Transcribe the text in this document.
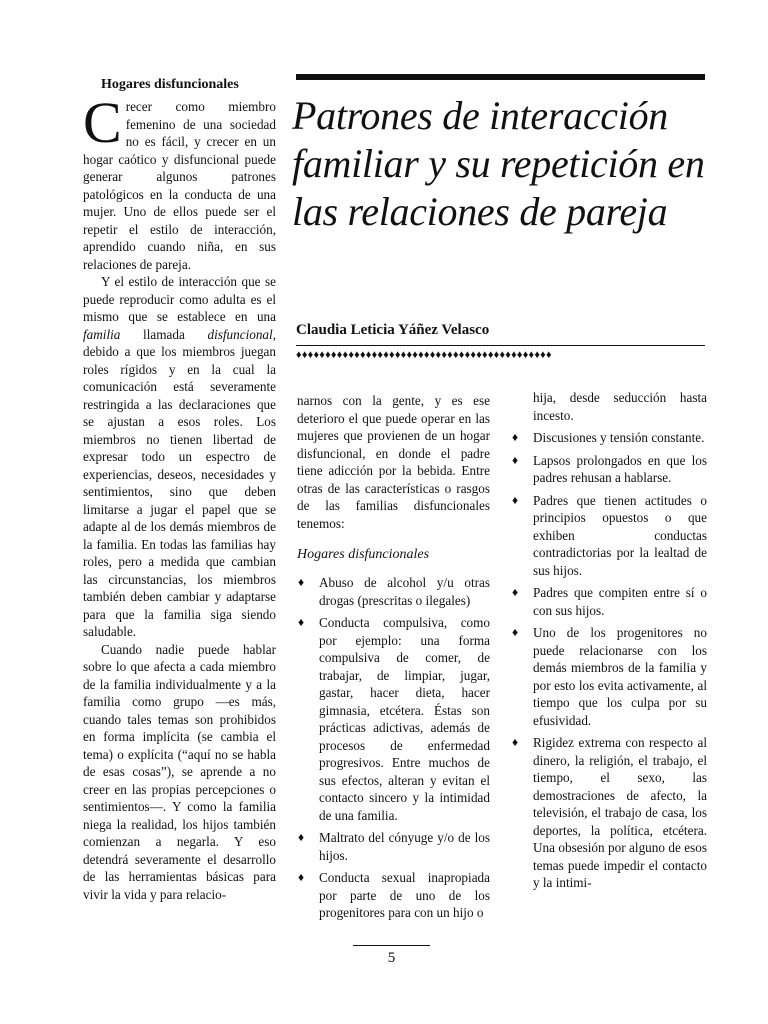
Hogares disfuncionales

Crecer como miembro femenino de una sociedad no es fácil, y crecer en un hogar caótico y disfuncional puede generar algunos patrones patológicos en la conducta de una mujer. Uno de ellos puede ser el repetir el estilo de interacción, aprendido cuando niña, en sus relaciones de pareja.

Y el estilo de interacción que se puede reproducir como adulta es el mismo que se establece en una familia llamada disfuncional, debido a que los miembros juegan roles rígidos y en la cual la comunicación está severamente restringida a las declaraciones que se ajustan a esos roles. Los miembros no tienen libertad de expresar todo un espectro de experiencias, deseos, necesidades y sentimientos, sino que deben limitarse a jugar el papel que se adapte al de los demás miembros de la familia. En todas las familias hay roles, pero a medida que cambian las circunstancias, los miembros también deben cambiar y adaptarse para que la familia siga siendo saludable.

Cuando nadie puede hablar sobre lo que afecta a cada miembro de la familia individualmente y a la familia como grupo —es más, cuando tales temas son prohibidos en forma implícita (se cambia el tema) o explícita (“aquí no se habla de esas cosas”), se aprende a no creer en las propias percepciones o sentimientos—. Y como la familia niega la realidad, los hijos también comienzan a negarla. Y eso detendrá severamente el desarrollo de las herramientas básicas para vivir la vida y para relacio-

Patrones de interacción familiar y su repetición en las relaciones de pareja

Claudia Leticia Yáñez Velasco

♦♦♦♦♦♦♦♦♦♦♦♦♦♦♦♦♦♦♦♦♦♦♦♦♦♦♦♦♦♦♦♦♦♦♦♦♦♦♦♦♦♦♦♦

narnos con la gente, y es ese deterioro el que puede operar en las mujeres que provienen de un hogar disfuncional, en donde el padre tiene adicción por la bebida. Entre otras de las características o rasgos de las familias disfuncionales tenemos:

Hogares disfuncionales
♦ Abuso de alcohol y/u otras drogas (prescritas o ilegales)
♦ Conducta compulsiva, como por ejemplo: una forma compulsiva de comer, de trabajar, de limpiar, jugar, gastar, hacer dieta, hacer gimnasia, etcétera. Éstas son prácticas adictivas, además de procesos de enfermedad progresivos. Entre muchos de sus efectos, alteran y evitan el contacto sincero y la intimidad de una familia.
♦ Maltrato del cónyuge y/o de los hijos.
♦ Conducta sexual inapropiada por parte de uno de los progenitores para con un hijo o

hija, desde seducción hasta incesto.

♦ Discusiones y tensión constante.
♦ Lapsos prolongados en que los padres rehusan a hablarse.
♦ Padres que tienen actitudes o principios opuestos o que exhiben conductas contradictorias por la lealtad de sus hijos.
♦ Padres que compiten entre sí o con sus hijos.
♦ Uno de los progenitores no puede relacionarse con los demás miembros de la familia y por esto los evita activamente, al tiempo que los culpa por su efusividad.
♦ Rigidez extrema con respecto al dinero, la religión, el trabajo, el tiempo, el sexo, las demostraciones de afecto, la televisión, el trabajo de casa, los deportes, la política, etcétera. Una obsesión por alguno de esos temas puede impedir el contacto y la intimi-

5
